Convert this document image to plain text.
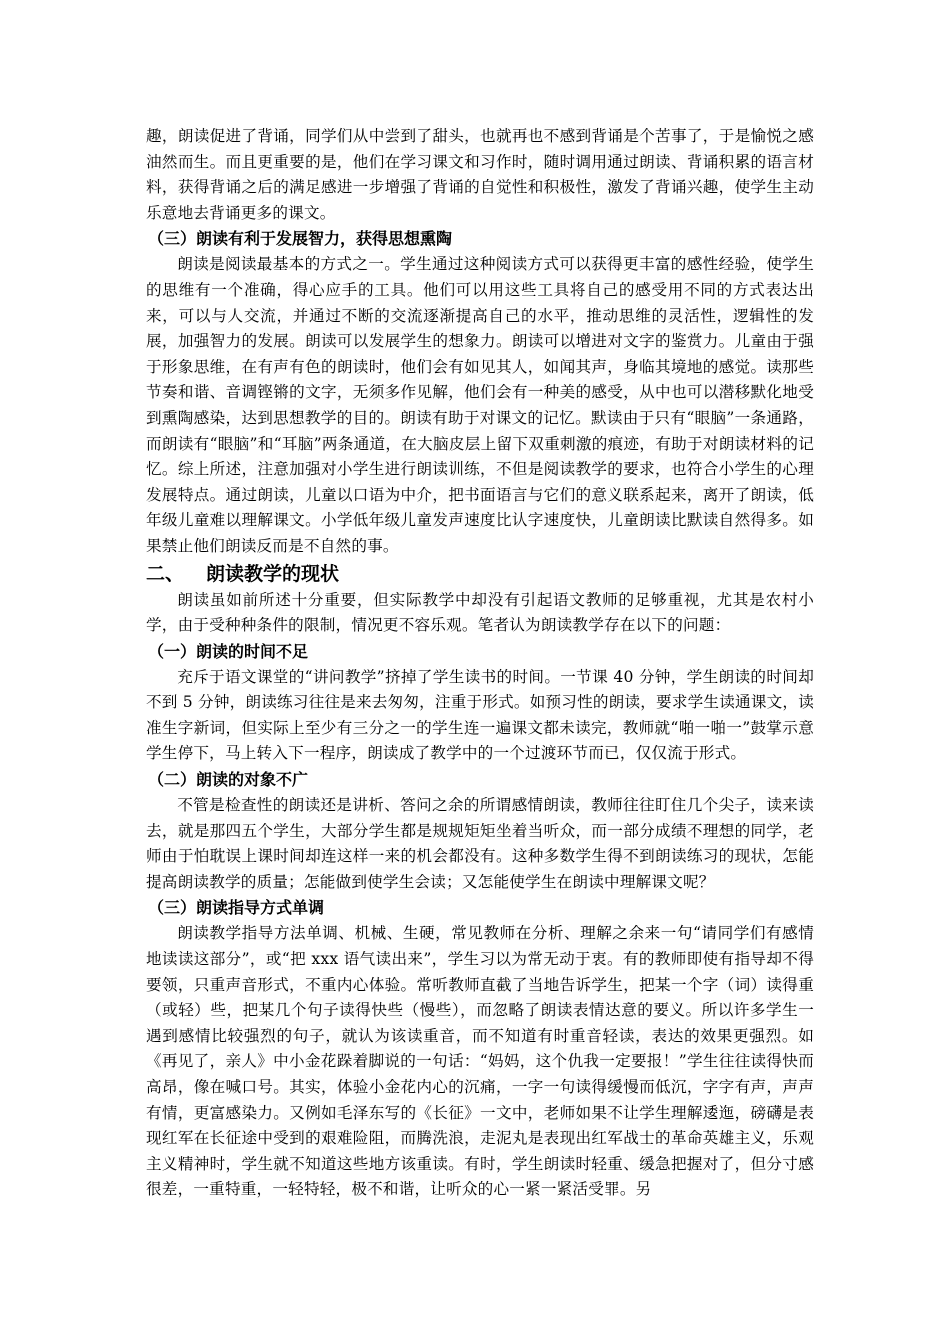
趣，朗读促进了背诵，同学们从中尝到了甜头，也就再也不感到背诵是个苦事了，于是愉悦之感油然而生。而且更重要的是，他们在学习课文和习作时，随时调用通过朗读、背诵积累的语言材料，获得背诵之后的满足感进一步增强了背诵的自觉性和积极性，激发了背诵兴趣，使学生主动乐意地去背诵更多的课文。

（三）朗读有利于发展智力，获得思想熏陶

朗读是阅读最基本的方式之一。学生通过这种阅读方式可以获得更丰富的感性经验，使学生的思维有一个准确，得心应手的工具。他们可以用这些工具将自己的感受用不同的方式表达出来，可以与人交流，并通过不断的交流逐渐提高自己的水平，推动思维的灵活性，逻辑性的发展，加强智力的发展。朗读可以发展学生的想象力。朗读可以增进对文字的鉴赏力。儿童由于强于形象思维，在有声有色的朗读时，他们会有如见其人，如闻其声，身临其境地的感觉。读那些节奏和谐、音调铿锵的文字，无须多作见解，他们会有一种美的感受，从中也可以潜移默化地受到熏陶感染，达到思想教学的目的。朗读有助于对课文的记忆。默读由于只有“眼脑”一条通路，而朗读有“眼脑”和“耳脑”两条通道，在大脑皮层上留下双重刺激的痕迹，有助于对朗读材料的记忆。综上所述，注意加强对小学生进行朗读训练，不但是阅读教学的要求，也符合小学生的心理发展特点。通过朗读，儿童以口语为中介，把书面语言与它们的意义联系起来，离开了朗读，低年级儿童难以理解课文。小学低年级儿童发声速度比认字速度快，儿童朗读比默读自然得多。如果禁止他们朗读反而是不自然的事。

二、 朗读教学的现状

朗读虽如前所述十分重要，但实际教学中却没有引起语文教师的足够重视，尤其是农村小学，由于受种种条件的限制，情况更不容乐观。笔者认为朗读教学存在以下的问题：

（一）朗读的时间不足

充斥于语文课堂的“讲问教学”挤掉了学生读书的时间。一节课 40 分钟，学生朗读的时间却不到 5 分钟，朗读练习往往是来去匆匆，注重于形式。如预习性的朗读，要求学生读通课文，读准生字新词，但实际上至少有三分之一的学生连一遍课文都未读完，教师就“啪一啪一”鼓掌示意学生停下，马上转入下一程序，朗读成了教学中的一个过渡环节而已，仅仅流于形式。

（二）朗读的对象不广

不管是检查性的朗读还是讲析、答问之余的所谓感情朗读，教师往往盯住几个尖子，读来读去，就是那四五个学生，大部分学生都是规规矩矩坐着当听众，而一部分成绩不理想的同学，老师由于怕耽误上课时间却连这样一来的机会都没有。这种多数学生得不到朗读练习的现状，怎能提高朗读教学的质量；怎能做到使学生会读；又怎能使学生在朗读中理解课文呢？

（三）朗读指导方式单调

朗读教学指导方法单调、机械、生硬，常见教师在分析、理解之余来一句“请同学们有感情地读读这部分”，或“把 xxx 语气读出来”，学生习以为常无动于衷。有的教师即使有指导却不得要领，只重声音形式，不重内心体验。常听教师直截了当地告诉学生，把某一个字（词）读得重（或轻）些，把某几个句子读得快些（慢些），而忽略了朗读表情达意的要义。所以许多学生一遇到感情比较强烈的句子，就认为该读重音，而不知道有时重音轻读，表达的效果更强烈。如《再见了，亲人》中小金花跺着脚说的一句话：“妈妈，这个仇我一定要报！”学生往往读得快而高昂，像在喊口号。其实，体验小金花内心的沉痛，一字一句读得缓慢而低沉，字字有声，声声有情，更富感染力。又例如毛泽东写的《长征》一文中，老师如果不让学生理解逶迤，磅礴是表现红军在长征途中受到的艰难险阻，而腾洗浪，走泥丸是表现出红军战士的革命英雄主义，乐观主义精神时，学生就不知道这些地方该重读。有时，学生朗读时轻重、缓急把握对了，但分寸感很差，一重特重，一轻特轻，极不和谐，让听众的心一紧一紧活受罪。另
